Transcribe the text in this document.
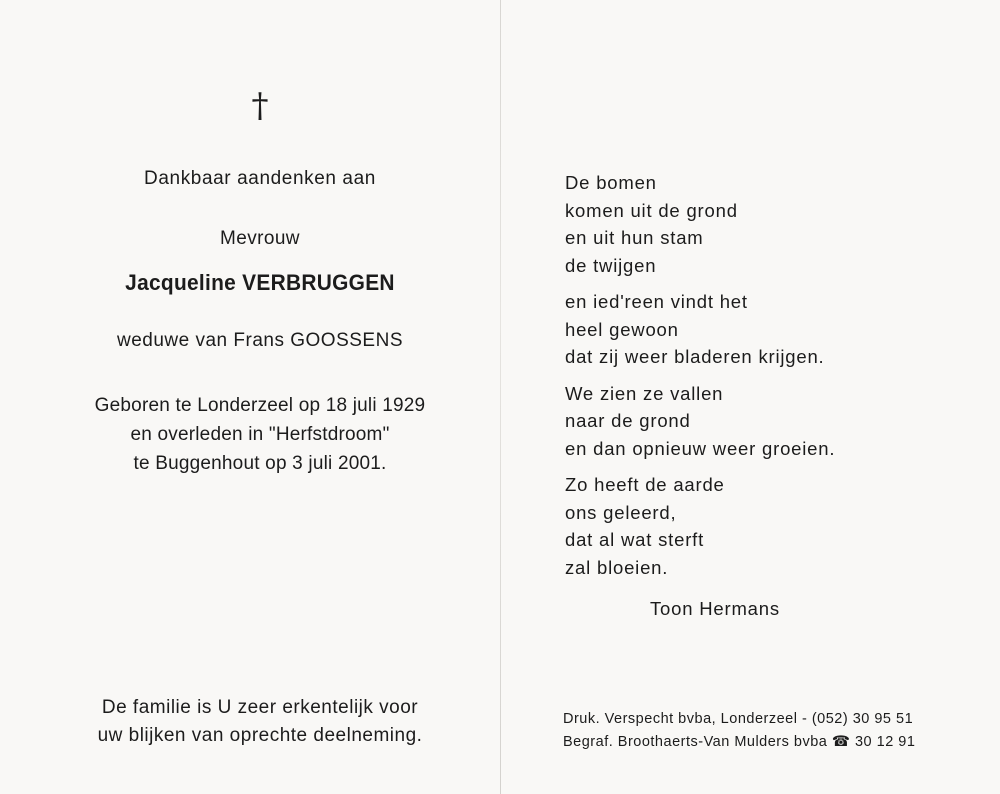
†
Dankbaar aandenken aan
Mevrouw
Jacqueline VERBRUGGEN
weduwe van Frans GOOSSENS
Geboren te Londerzeel op 18 juli 1929
en overleden in "Herfstdroom"
te Buggenhout op 3 juli 2001.
De familie is U zeer erkentelijk voor
uw blijken van oprechte deelneming.
De bomen
komen uit de grond
en uit hun stam
de twijgen
en ied'reen vindt het
heel gewoon
dat zij weer bladeren krijgen.
We zien ze vallen
naar de grond
en dan opnieuw weer groeien.
Zo heeft de aarde
ons geleerd,
dat al wat sterft
zal bloeien.
Toon Hermans
Druk. Verspecht bvba, Londerzeel - (052) 30 95 51
Begraf. Broothaerts-Van Mulders bvba ☎ 30 12 91
